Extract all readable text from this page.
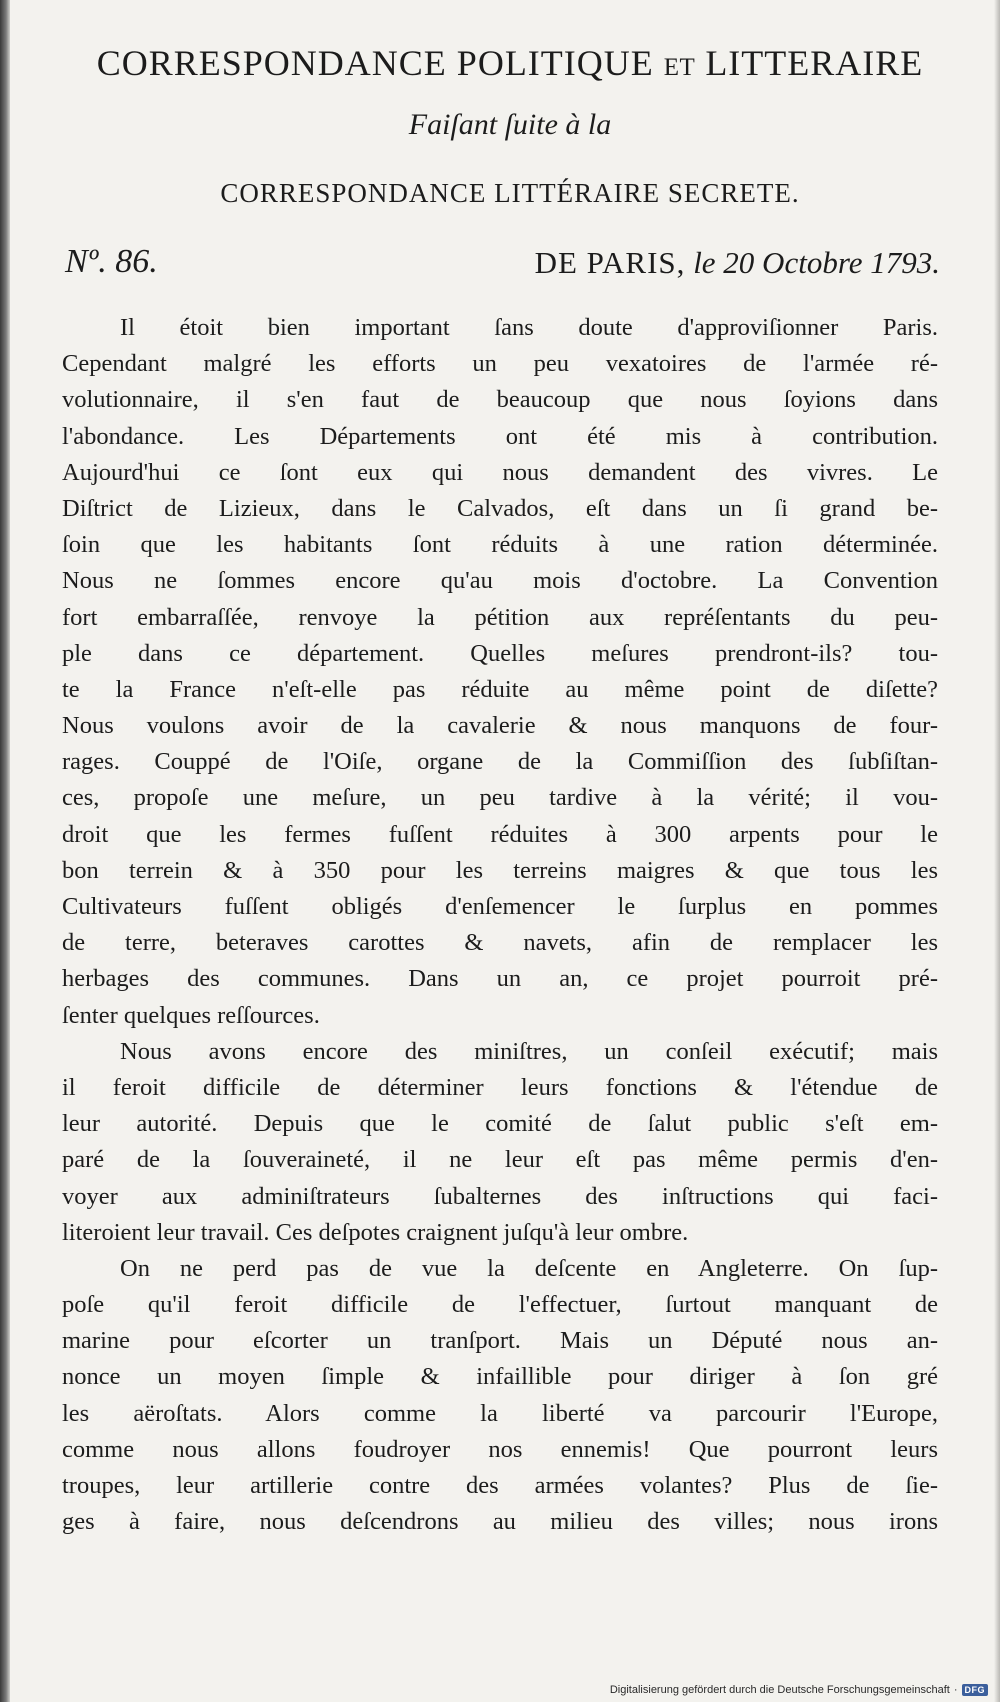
CORRESPONDANCE POLITIQUE ET LITTERAIRE
Faiſant ſuite à la
CORRESPONDANCE LITTÉRAIRE SECRETE.
Nº. 86.	DE PARIS, le 20 Octobre 1793.
Il étoit bien important ſans doute d'approviſionner Paris.
Cependant malgré les efforts un peu vexatoires de l'armée ré-
volutionnaire, il s'en faut de beaucoup que nous ſoyions dans
l'abondance. Les Départements ont été mis à contribution.
Aujourd'hui ce ſont eux qui nous demandent des vivres. Le
Diſtrict de Lizieux, dans le Calvados, eſt dans un ſi grand be-
ſoin que les habitants ſont réduits à une ration déterminée.
Nous ne ſommes encore qu'au mois d'octobre. La Convention
fort embarraſſée, renvoye la pétition aux repréſentants du peu-
ple dans ce département. Quelles meſures prendront-ils? tou-
te la France n'eſt-elle pas réduite au même point de diſette?
Nous voulons avoir de la cavalerie & nous manquons de four-
rages. Couppé de l'Oiſe, organe de la Commiſſion des ſubſiſtan-
ces, propoſe une meſure, un peu tardive à la vérité; il vou-
droit que les fermes fuſſent réduites à 300 arpents pour le
bon terrein & à 350 pour les terreins maigres & que tous les
Cultivateurs fuſſent obligés d'enſemencer le ſurplus en pommes
de terre, beteraves carottes & navets, afin de remplacer les
herbages des communes. Dans un an, ce projet pourroit pré-
ſenter quelques reſſources.
Nous avons encore des miniſtres, un conſeil exécutif; mais
il feroit difficile de déterminer leurs fonctions & l'étendue de
leur autorité. Depuis que le comité de ſalut public s'eſt em-
paré de la ſouveraineté, il ne leur eſt pas même permis d'en-
voyer aux adminiſtrateurs ſubalternes des inſtructions qui faci-
literoient leur travail. Ces deſpotes craignent juſqu'à leur ombre.
On ne perd pas de vue la deſcente en Angleterre. On ſup-
poſe qu'il feroit difficile de l'effectuer, ſurtout manquant de
marine pour eſcorter un tranſport. Mais un Député nous an-
nonce un moyen ſimple & infaillible pour diriger à ſon gré
les aëroſtats. Alors comme la liberté va parcourir l'Europe,
comme nous allons foudroyer nos ennemis! Que pourront leurs
troupes, leur artillerie contre des armées volantes? Plus de ſie-
ges à faire, nous deſcendrons au milieu des villes; nous irons
Digitalisierung gefördert durch die Deutsche Forschungsgemeinschaft · DFG
